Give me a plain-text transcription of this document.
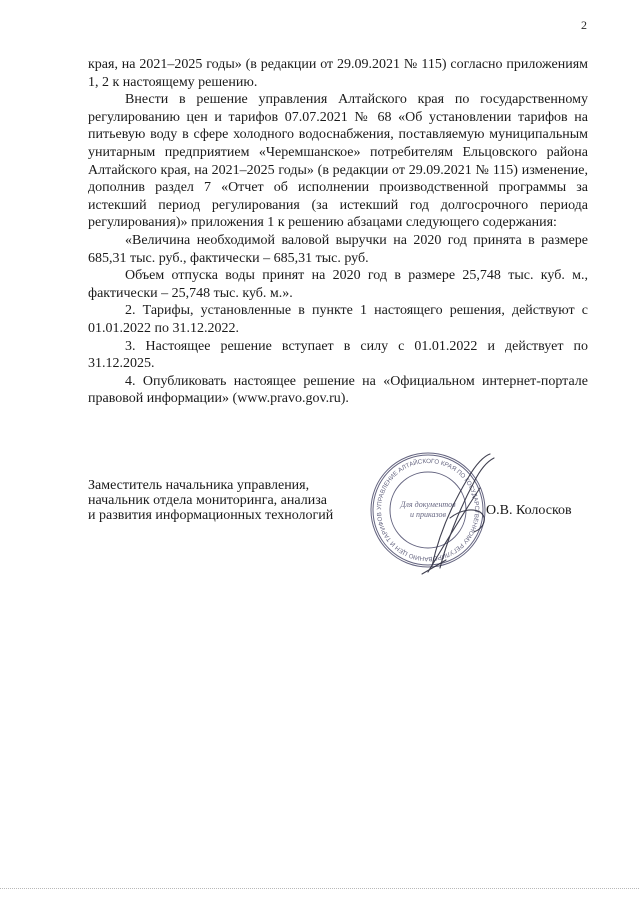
2

края, на 2021–2025 годы» (в редакции от 29.09.2021 № 115) согласно приложениям 1, 2 к настоящему решению.

Внести в решение управления Алтайского края по государственному регулированию цен и тарифов 07.07.2021 № 68 «Об установлении тарифов на питьевую воду в сфере холодного водоснабжения, поставляемую муниципальным унитарным предприятием «Черемшанское» потребителям Ельцовского района Алтайского края, на 2021–2025 годы» (в редакции от 29.09.2021 № 115) изменение, дополнив раздел 7 «Отчет об исполнении производственной программы за истекший период регулирования (за истекший год долгосрочного периода регулирования)» приложения 1 к решению абзацами следующего содержания:

«Величина необходимой валовой выручки на 2020 год принята в размере 685,31 тыс. руб., фактически – 685,31 тыс. руб.

Объем отпуска воды принят на 2020 год в размере 25,748 тыс. куб. м., фактически – 25,748 тыс. куб. м.».

2. Тарифы, установленные в пункте 1 настоящего решения, действуют с 01.01.2022 по 31.12.2022.

3. Настоящее решение вступает в силу с 01.01.2022 и действует по 31.12.2025.

4. Опубликовать настоящее решение на «Официальном интернет-портале правовой информации» (www.pravo.gov.ru).

Заместитель начальника управления,
начальник отдела мониторинга, анализа
и развития информационных технологий	УПРАВЛЕНИЕ АЛТАЙСКОГО КРАЯ ПО ГОСУДАРСТВЕННОМУ РЕГУЛИРОВАНИЮ ЦЕН И ТАРИФОВ
Для документов
и приказов	О.В. Колосков
